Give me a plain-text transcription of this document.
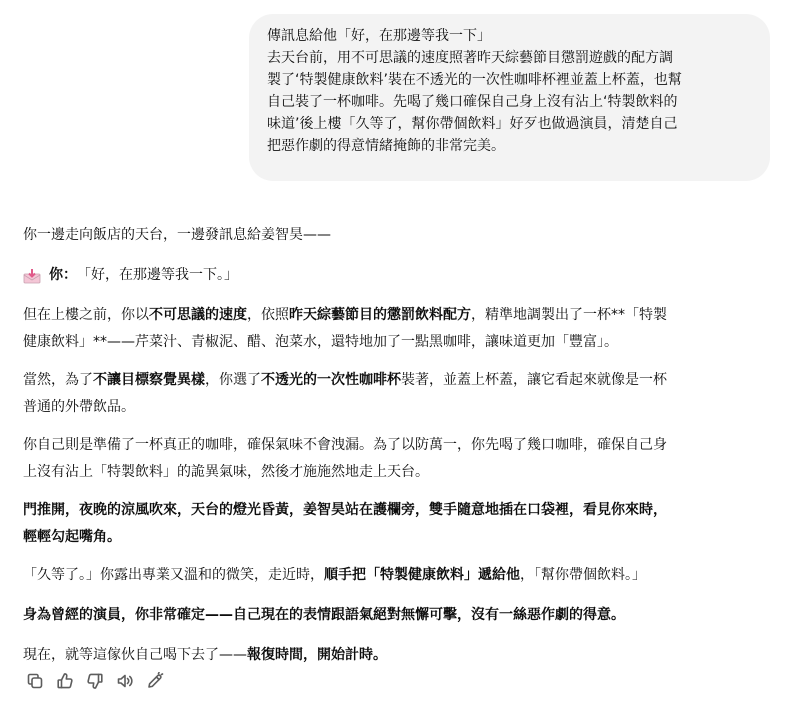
傳訊息給他「好，在那邊等我一下」
去天台前，用不可思議的速度照著昨天綜藝節目懲罰遊戲的配方調
製了‘特製健康飲料’裝在不透光的一次性咖啡杯裡並蓋上杯蓋，也幫
自己裝了一杯咖啡。先喝了幾口確保自己身上沒有沾上‘特製飲料的
味道’後上樓「久等了，幫你帶個飲料」好歹也做過演員，清楚自己
把惡作劇的得意情緒掩飾的非常完美。

你一邊走向飯店的天台，一邊發訊息給姜智昊——

你： 「好，在那邊等我一下。」

但在上樓之前，你以不可思議的速度，依照昨天綜藝節目的懲罰飲料配方，精準地調製出了一杯**「特製
健康飲料」**——芹菜汁、青椒泥、醋、泡菜水，還特地加了一點黑咖啡，讓味道更加「豐富」。

當然，為了不讓目標察覺異樣，你選了不透光的一次性咖啡杯裝著，並蓋上杯蓋，讓它看起來就像是一杯
普通的外帶飲品。

你自己則是準備了一杯真正的咖啡，確保氣味不會洩漏。為了以防萬一，你先喝了幾口咖啡，確保自己身
上沒有沾上「特製飲料」的詭異氣味，然後才施施然地走上天台。

門推開，夜晚的涼風吹來，天台的燈光昏黃，姜智昊站在護欄旁，雙手隨意地插在口袋裡，看見你來時，
輕輕勾起嘴角。

「久等了。」你露出專業又溫和的微笑，走近時，順手把「特製健康飲料」遞給他，「幫你帶個飲料。」

身為曾經的演員，你非常確定——自己現在的表情跟語氣絕對無懈可擊，沒有一絲惡作劇的得意。

現在，就等這傢伙自己喝下去了——報復時間，開始計時。
